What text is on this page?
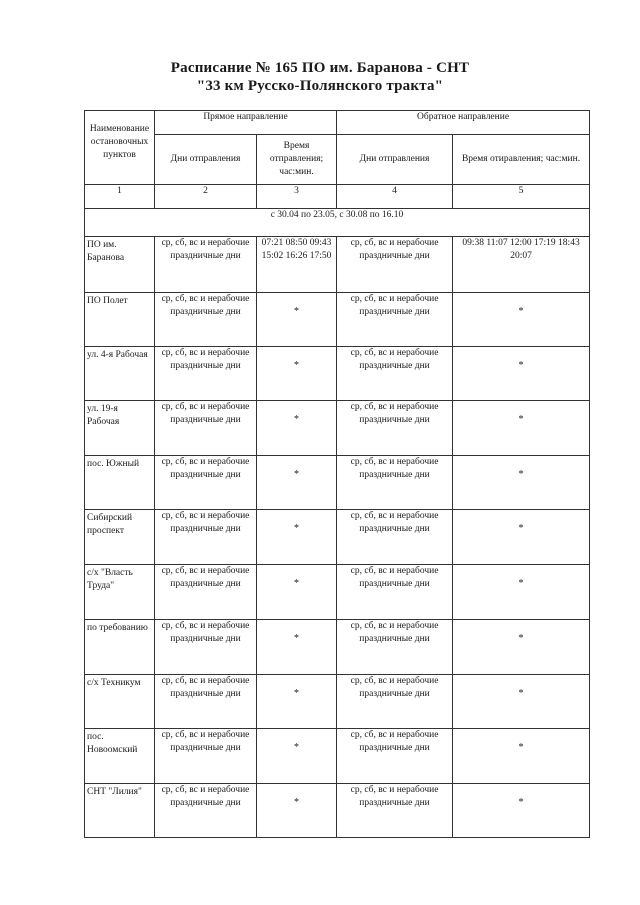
Расписание № 165 ПО им. Баранова - СНТ
"33 км Русско-Полянского тракта"
Наименование остановочных пунктов	Прямое направление		Обратное направление	
	Дни отправления	Время отправления; час:мин.	Дни отправления	Время отиравления; час:мин.
1	2	3	4	5
с 30.04 по 23.05, с 30.08 по 16.10				
ПО им. Баранова	ср, сб, вс и нерабочие праздничные дни	07:21 08:50 09:43 15:02 16:26 17:50	ср, сб, вс и нерабочие праздничные дни	09:38 11:07 12:00 17:19 18:43 20:07
ПО Полет	ср, сб, вс и нерабочие праздничные дни	*	ср, сб, вс и нерабочие праздничные дни	*
ул. 4-я Рабочая	ср, сб, вс и нерабочие праздничные дни	*	ср, сб, вс и нерабочие праздничные дни	*
ул. 19-я Рабочая	ср, сб, вс и нерабочие праздничные дни	*	ср, сб, вс и нерабочие праздничные дни	*
пос. Южный	ср, сб, вс и нерабочие праздничные дни	*	ср, сб, вс и нерабочие праздничные дни	*
Сибирский проспект	ср, сб, вс и нерабочие праздничные дни	*	ср, сб, вс и нерабочие праздничные дни	*
с/х "Власть Труда"	ср, сб, вс и нерабочие праздничные дни	*	ср, сб, вс и нерабочие праздничные дни	*
по требованию	ср, сб, вс и нерабочие праздничные дни	*	ср, сб, вс и нерабочие праздничные дни	*
с/х Техникум	ср, сб, вс и нерабочие праздничные дни	*	ср, сб, вс и нерабочие праздничные дни	*
пос. Новоомский	ср, сб, вс и нерабочие праздничные дни	*	ср, сб, вс и нерабочие праздничные дни	*
СНТ "Лилия"	ср, сб, вс и нерабочие праздничные дни	*	ср, сб, вс и нерабочие праздничные дни	*
